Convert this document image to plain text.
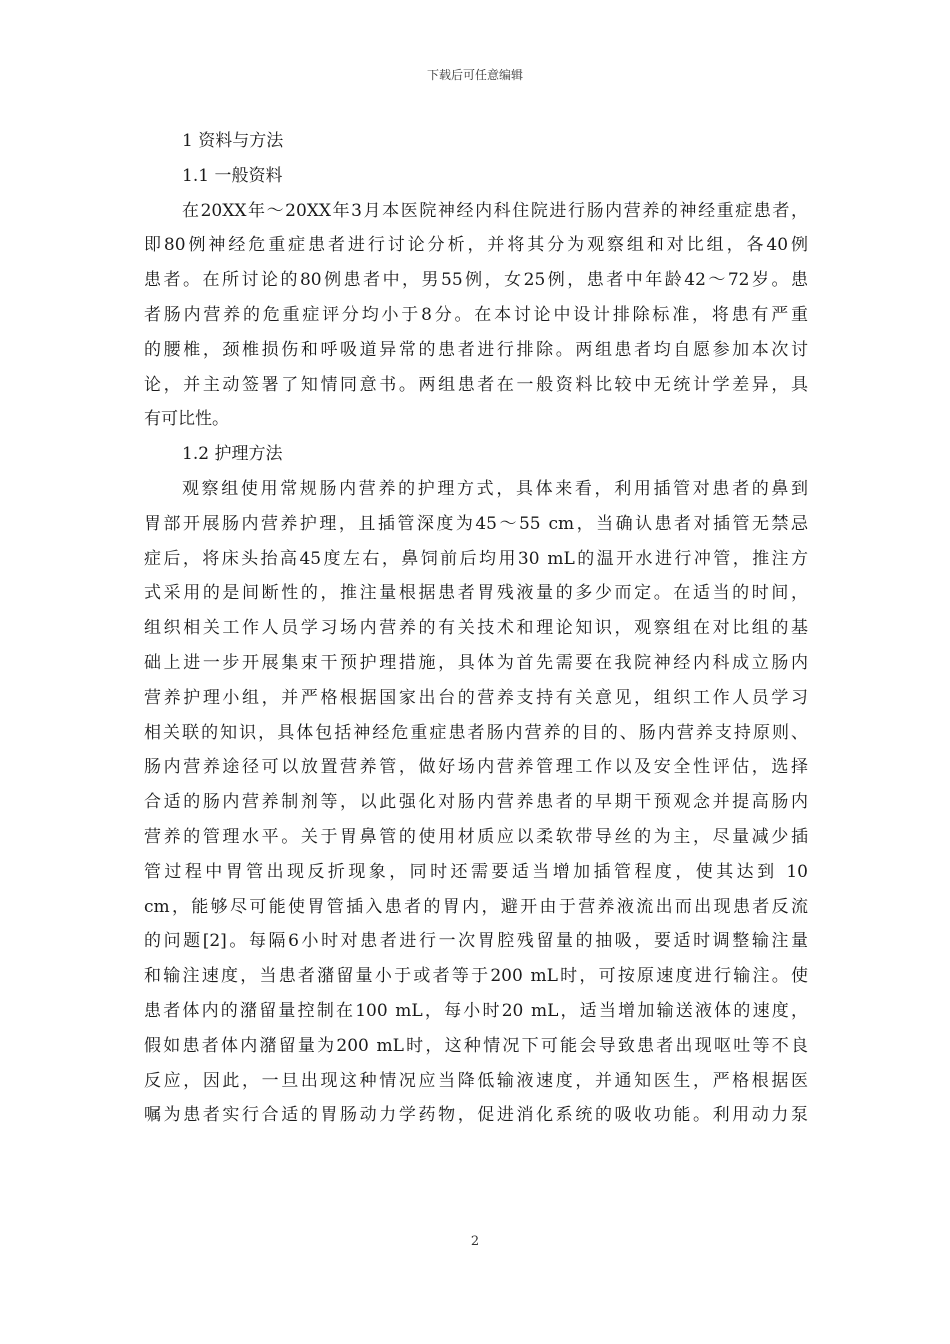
下载后可任意编辑
1 资料与方法
1.1 一般资料
在20XX年～20XX年3月本医院神经内科住院进行肠内营养的神经重症患者，
即80例神经危重症患者进行讨论分析，并将其分为观察组和对比组，各40例
患者。在所讨论的80例患者中，男55例，女25例，患者中年龄42～72岁。患
者肠内营养的危重症评分均小于8分。在本讨论中设计排除标准，将患有严重
的腰椎，颈椎损伤和呼吸道异常的患者进行排除。两组患者均自愿参加本次讨
论，并主动签署了知情同意书。两组患者在一般资料比较中无统计学差异，具
有可比性。
1.2 护理方法
观察组使用常规肠内营养的护理方式，具体来看，利用插管对患者的鼻到
胃部开展肠内营养护理，且插管深度为45～55 cm，当确认患者对插管无禁忌
症后，将床头抬高45度左右，鼻饲前后均用30 mL的温开水进行冲管，推注方
式采用的是间断性的，推注量根据患者胃残液量的多少而定。在适当的时间，
组织相关工作人员学习场内营养的有关技术和理论知识，观察组在对比组的基
础上进一步开展集束干预护理措施，具体为首先需要在我院神经内科成立肠内
营养护理小组，并严格根据国家出台的营养支持有关意见，组织工作人员学习
相关联的知识，具体包括神经危重症患者肠内营养的目的、肠内营养支持原则、
肠内营养途径可以放置营养管，做好场内营养管理工作以及安全性评估，选择
合适的肠内营养制剂等，以此强化对肠内营养患者的早期干预观念并提高肠内
营养的管理水平。关于胃鼻管的使用材质应以柔软带导丝的为主，尽量减少插
管过程中胃管出现反折现象，同时还需要适当增加插管程度，使其达到 10
cm，能够尽可能使胃管插入患者的胃内，避开由于营养液流出而出现患者反流
的问题[2]。每隔6小时对患者进行一次胃腔残留量的抽吸，要适时调整输注量
和输注速度，当患者潴留量小于或者等于200 mL时，可按原速度进行输注。使
患者体内的潴留量控制在100 mL，每小时20 mL，适当增加输送液体的速度，
假如患者体内潴留量为200 mL时，这种情况下可能会导致患者出现呕吐等不良
反应，因此，一旦出现这种情况应当降低输液速度，并通知医生，严格根据医
嘱为患者实行合适的胃肠动力学药物，促进消化系统的吸收功能。利用动力泵
2
